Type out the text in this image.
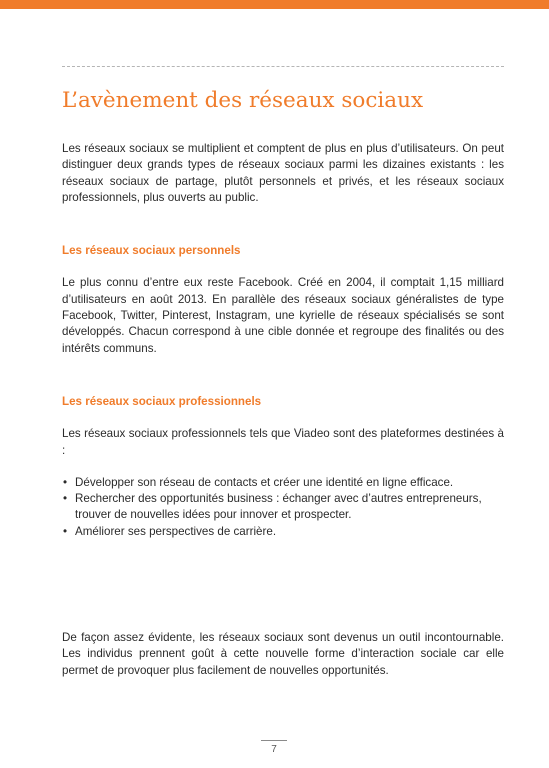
L’avènement des réseaux sociaux

Les réseaux sociaux se multiplient et comptent de plus en plus d’utilisateurs. On peut distinguer deux grands types de réseaux sociaux parmi les dizaines existants : les réseaux sociaux de partage, plutôt personnels et privés, et les réseaux sociaux professionnels, plus ouverts au public.

Les réseaux sociaux personnels

Le plus connu d’entre eux reste Facebook. Créé en 2004, il comptait 1,15 milliard d’utilisateurs en août 2013. En parallèle des réseaux sociaux généralistes de type Facebook, Twitter, Pinterest, Instagram, une kyrielle de réseaux spécialisés se sont développés. Chacun correspond à une cible donnée et regroupe des finalités ou des intérêts communs.

Les réseaux sociaux professionnels

Les réseaux sociaux professionnels tels que Viadeo sont des plateformes destinées à :

• Développer son réseau de contacts et créer une identité en ligne efficace.
• Rechercher des opportunités business : échanger avec d’autres entrepreneurs, trouver de nouvelles idées pour innover et prospecter.
• Améliorer ses perspectives de carrière.

De façon assez évidente, les réseaux sociaux sont devenus un outil incontournable. Les individus prennent goût à cette nouvelle forme d’interaction sociale car elle permet de provoquer plus facilement de nouvelles opportunités.

7
